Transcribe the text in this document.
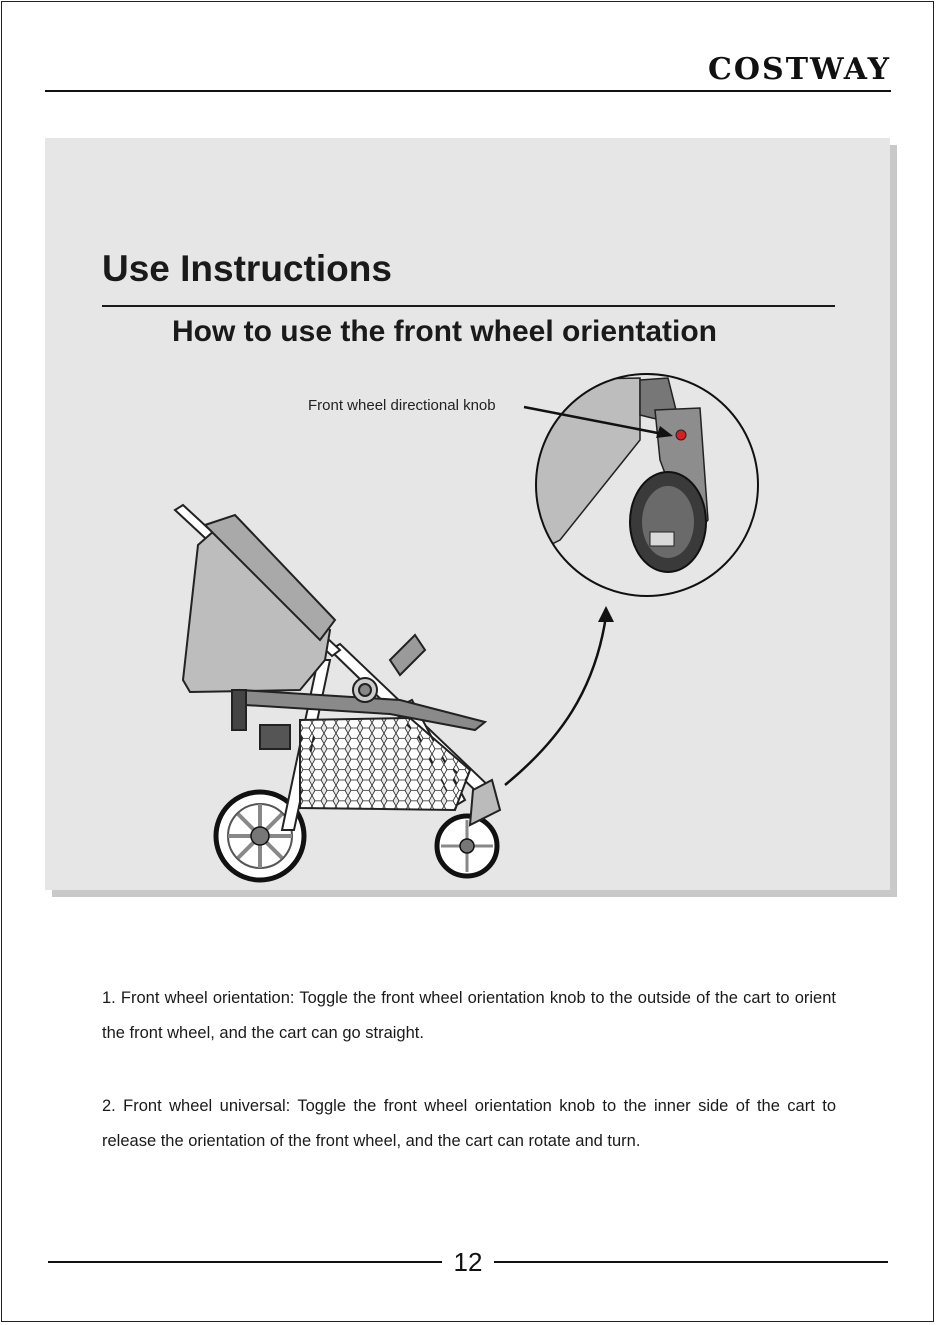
COSTWAY
Use Instructions
How to use the front wheel orientation
Front wheel directional knob

1. Front wheel orientation: Toggle the front wheel orientation knob to the outside of the cart to orient the front wheel, and the cart can go straight.

2. Front wheel universal: Toggle the front wheel orientation knob to the inner side of the cart to release the orientation of the front wheel, and the cart can rotate and turn.

12
